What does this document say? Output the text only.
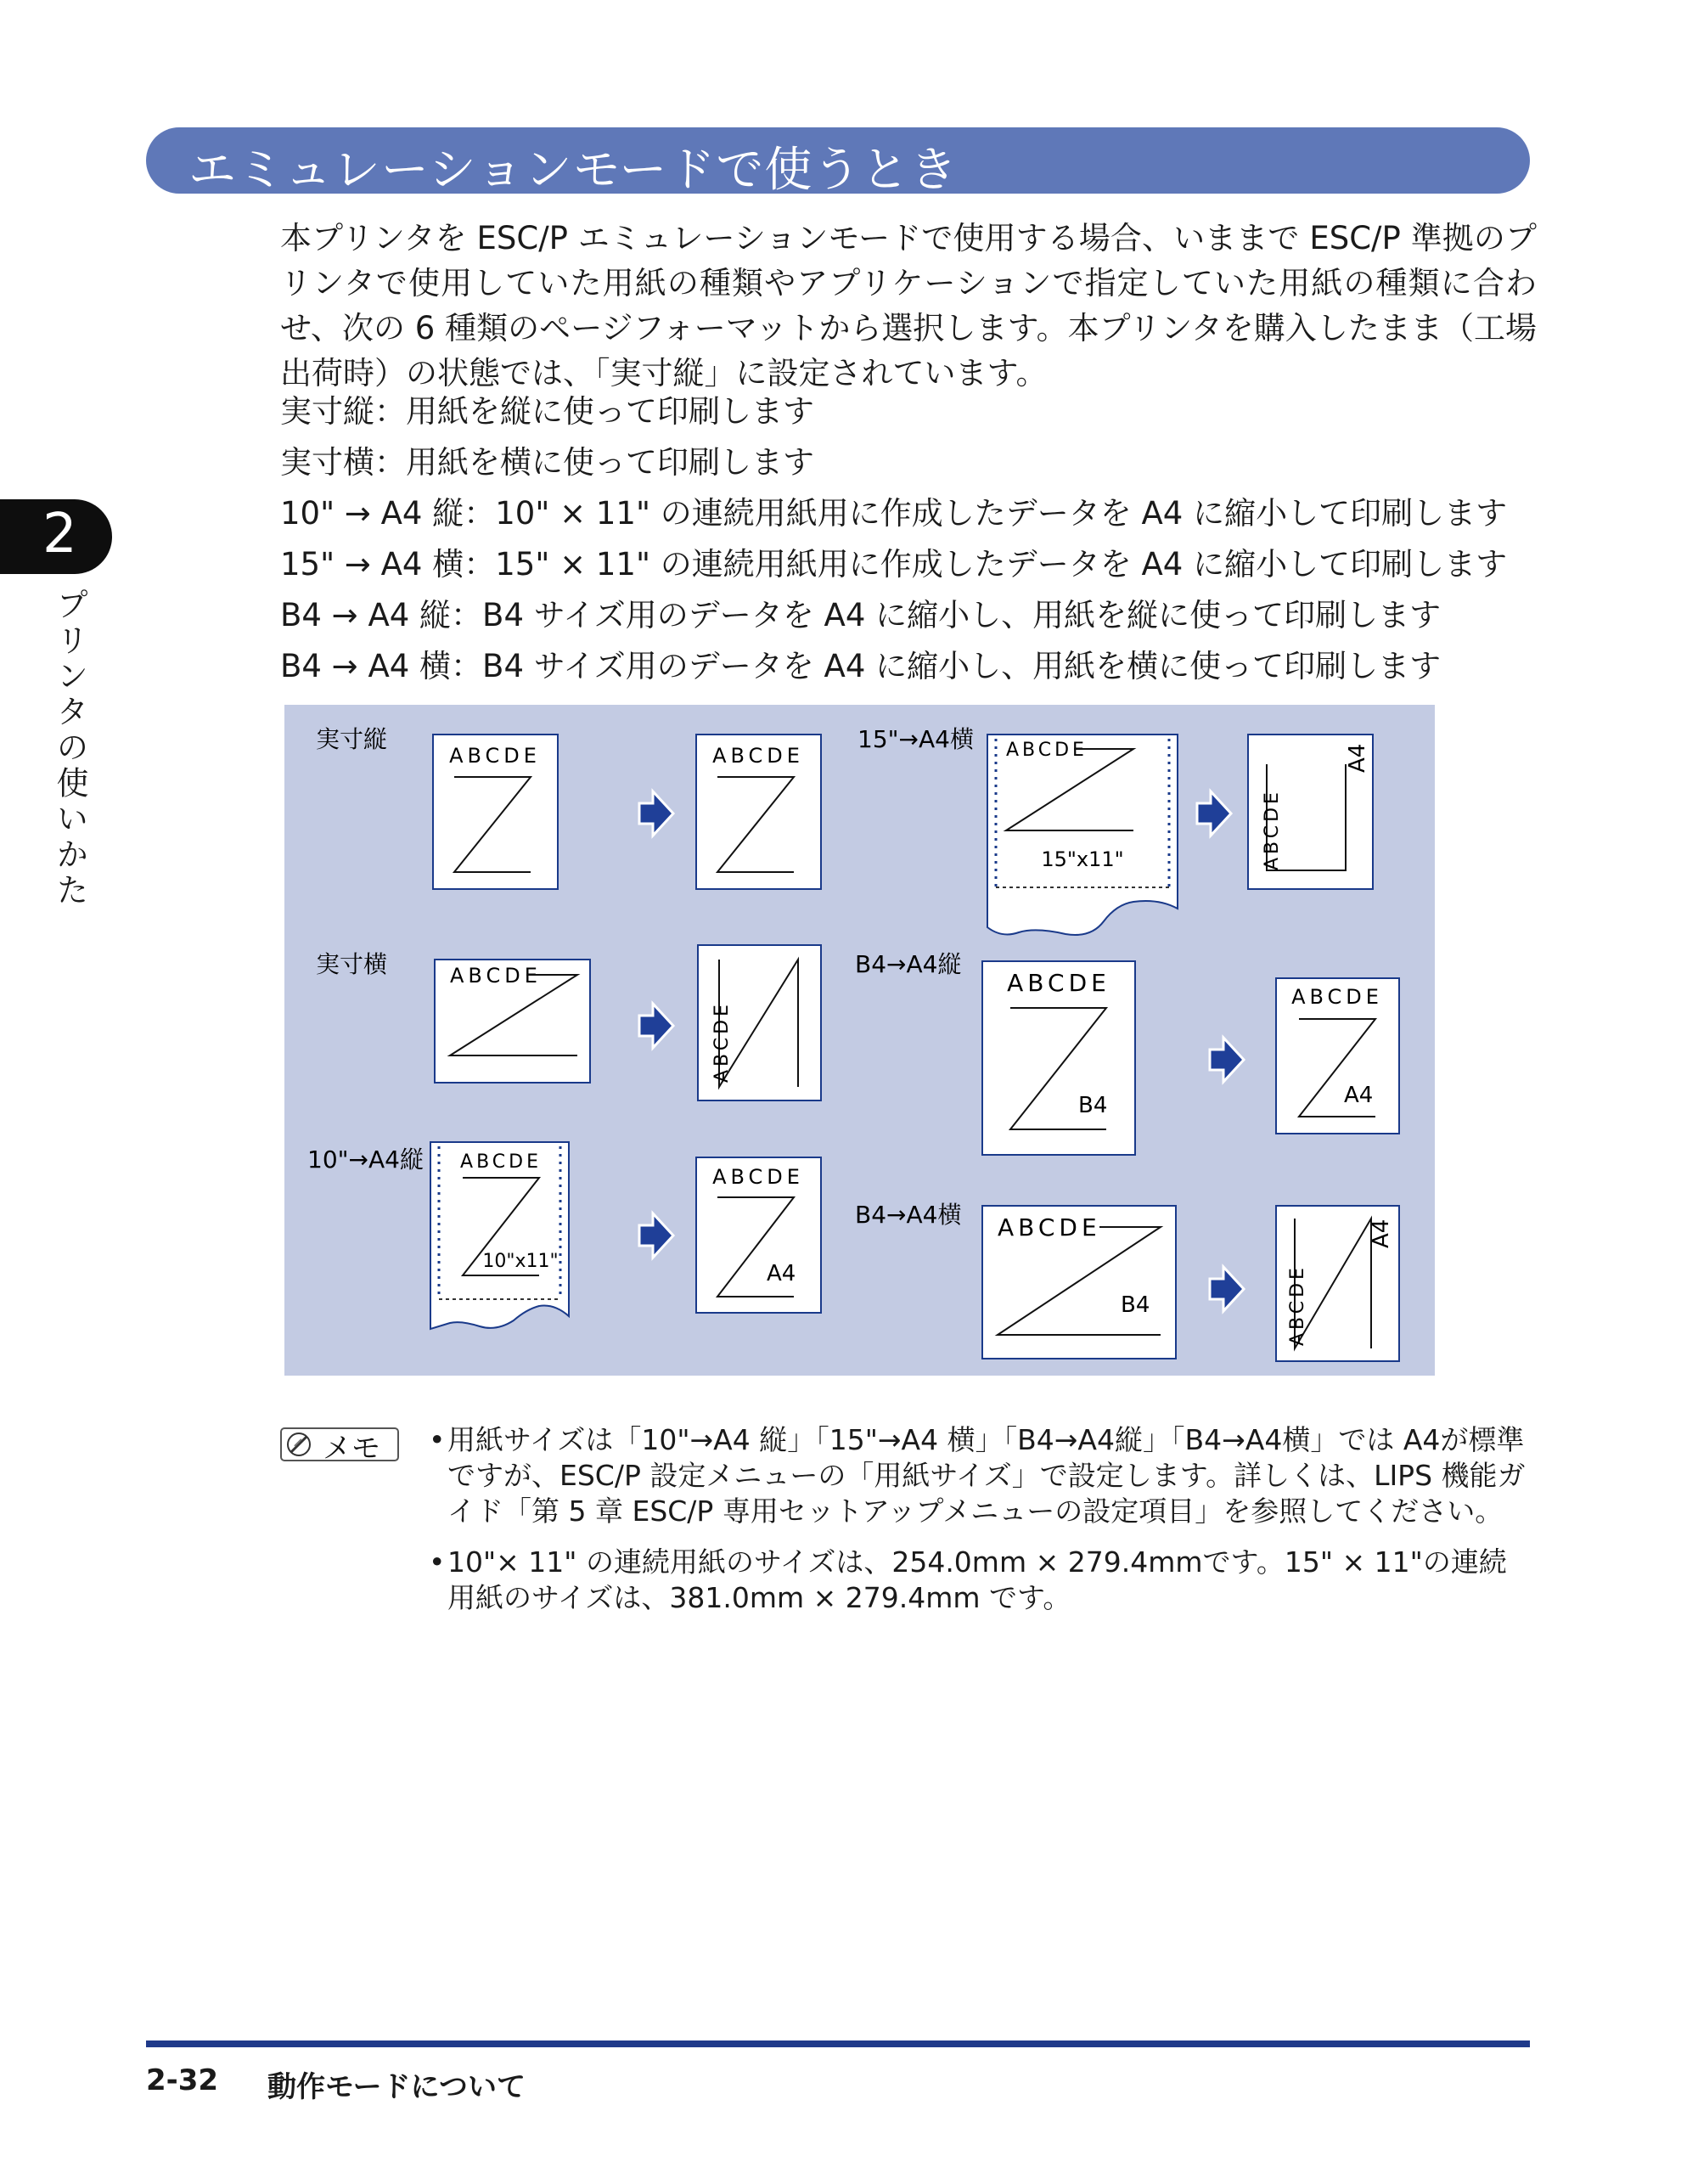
エミュレーションモードで使うとき
2
プリンタの使いかた

本プリンタを ESC/P エミュレーションモードで使用する場合、いままで ESC/P 準拠のプリンタで使用していた用紙の種類やアプリケーションで指定していた用紙の種類に合わせ、次の 6 種類のページフォーマットから選択します。本プリンタを購入したまま（工場出荷時）の状態では、「実寸縦」に設定されています。

実寸縦：用紙を縦に使って印刷します
実寸横：用紙を横に使って印刷します
10" → A4 縦：10" × 11" の連続用紙用に作成したデータを A4 に縮小して印刷します
15" → A4 横：15" × 11" の連続用紙用に作成したデータを A4 に縮小して印刷します
B4 → A4 縦：B4 サイズ用のデータを A4 に縮小し、用紙を縦に使って印刷します
B4 → A4 横：B4 サイズ用のデータを A4 に縮小し、用紙を横に使って印刷します
実寸縦
ABCDE	ABCDE
15"→A4横 ABCDE
15"x11"	ABCDE
A4
実寸横	ABCDE
ABCDE
B4→A4縦
ABCDE
B4
ABCDE
A4
10"→A4縦 ABCDE
10"x11"
ABCDE
A4
B4→A4横 ABCDE
B4	ABCDE
A4
メモ
•	用紙サイズは「10"→A4 縦」「15"→A4 横」「B4→A4縦」「B4→A4横」では A4が標準ですが、ESC/P 設定メニューの「用紙サイズ」で設定します。詳しくは、LIPS 機能ガイド「第 5 章 ESC/P 専用セットアップメニューの設定項目」を参照してください。
• 10"× 11" の連続用紙のサイズは、254.0mm × 279.4mmです。15" × 11"の連続用紙のサイズは、381.0mm × 279.4mm です。
2-32 動作モードについて
